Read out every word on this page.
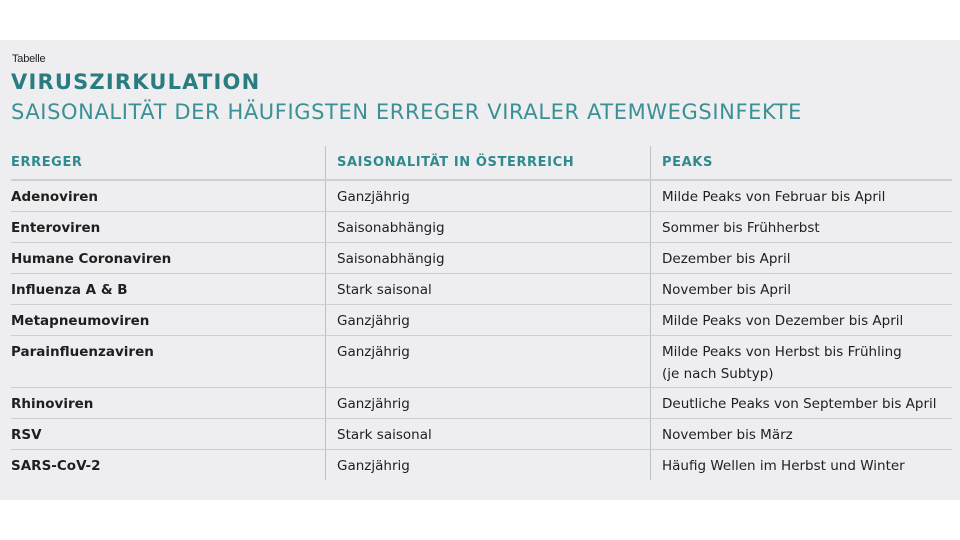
Tabelle
VIRUSZIRKULATION
SAISONALITÄT DER HÄUFIGSTEN ERREGER VIRALER ATEMWEGSINFEKTE
ERREGER	SAISONALITÄT IN ÖSTERREICH	PEAKS
Adenoviren	Ganzjährig	Milde Peaks von Februar bis April
Enteroviren	Saisonabhängig	Sommer bis Frühherbst
Humane Coronaviren	Saisonabhängig	Dezember bis April
Influenza A & B	Stark saisonal	November bis April
Metapneumoviren	Ganzjährig	Milde Peaks von Dezember bis April
Parainfluenzaviren	Ganzjährig	Milde Peaks von Herbst bis Frühling
(je nach Subtyp)

Rhinoviren	Ganzjährig	Deutliche Peaks von September bis April
RSV	Stark saisonal	November bis März
SARS-CoV-2	Ganzjährig	Häufig Wellen im Herbst und Winter
